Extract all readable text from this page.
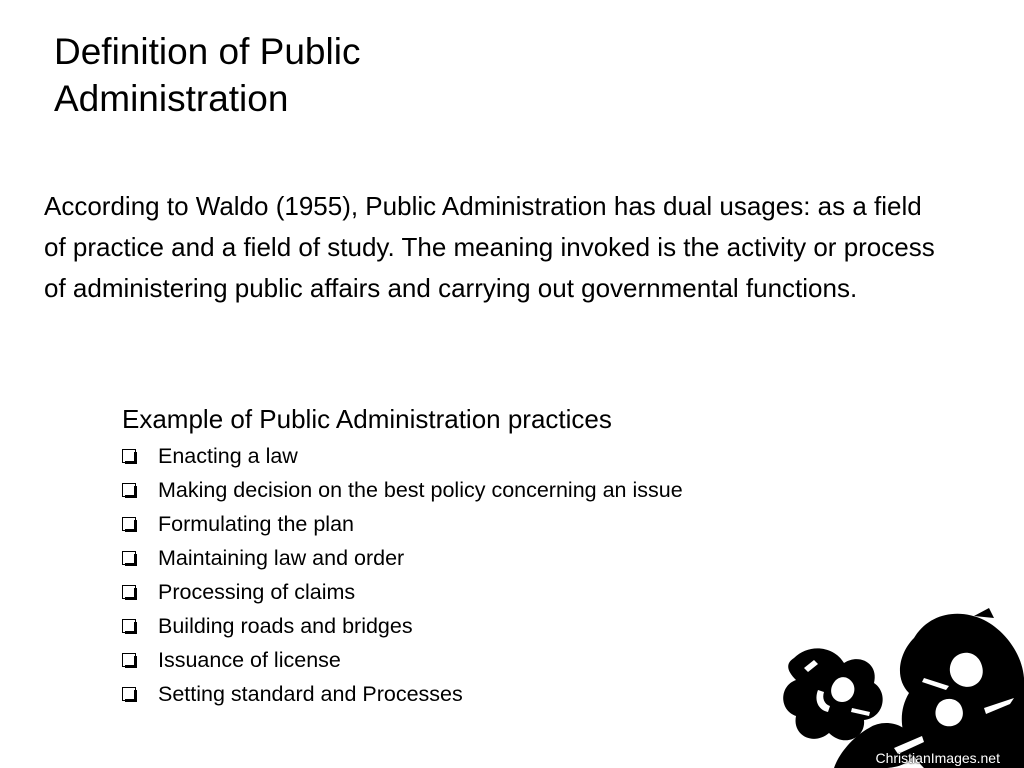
Definition of Public Administration

According to Waldo (1955), Public Administration has dual usages: as a field of practice and a field of study. The meaning invoked is the activity or process of administering public affairs and carrying out governmental functions.

Example of Public Administration practices
Enacting a law
Making decision on the best policy concerning an issue
Formulating the plan
Maintaining law and order
Processing of claims
Building roads and bridges
Issuance of license
Setting standard and Processes
ChristianImages.net
